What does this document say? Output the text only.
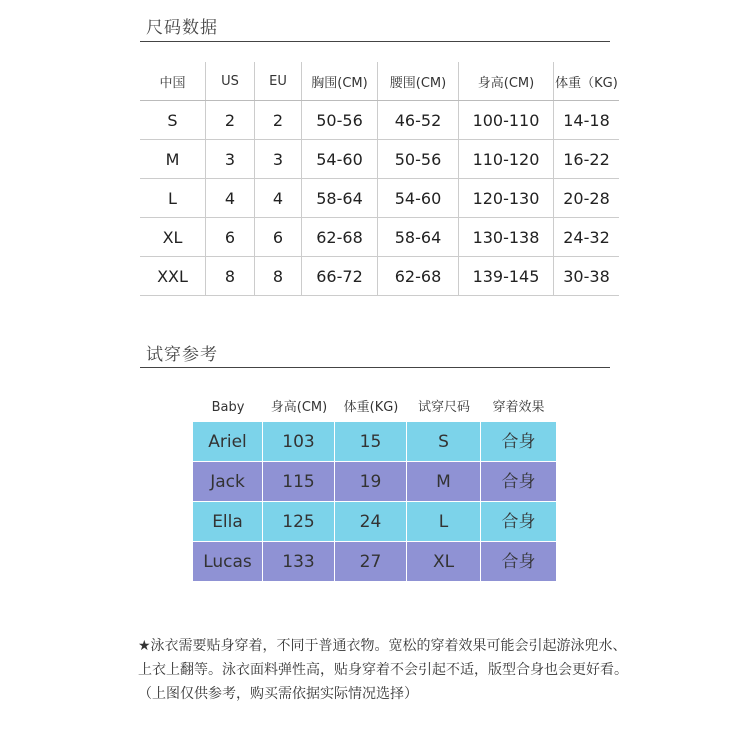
尺码数据
中国	US	EU	胸围(CM)	腰围(CM)	身高(CM)	体重（KG)
S	2	2	50-56	46-52	100-110	14-18
M	3	3	54-60	50-56	110-120	16-22
L	4	4	58-64	54-60	120-130	20-28
XL	6	6	62-68	58-64	130-138	24-32
XXL	8	8	66-72	62-68	139-145	30-38
试穿参考
Baby	身高(CM)	体重(KG)	试穿尺码	穿着效果
Ariel	103	15	S	合身
Jack	115	19	M	合身
Ella	125	24	L	合身
Lucas	133	27	XL	合身
★泳衣需要贴身穿着，不同于普通衣物。宽松的穿着效果可能会引起游泳兜水、上衣上翻等。泳衣面料弹性高，贴身穿着不会引起不适，版型合身也会更好看。（上图仅供参考，购买需依据实际情况选择）
